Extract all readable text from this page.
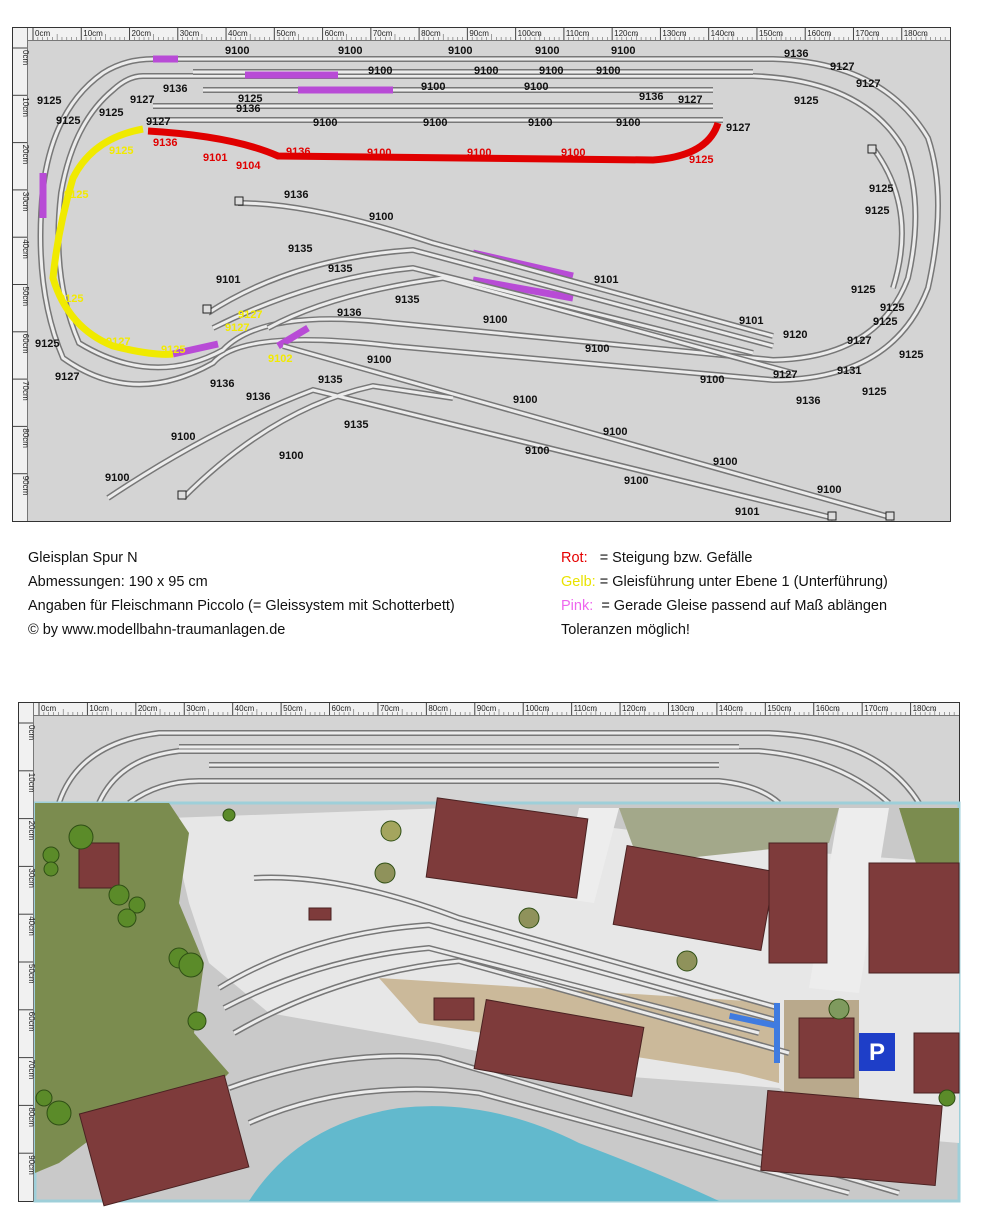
9125
9100	9100	9100	9100	9100	9136
9127
9100	9100	9100	9100
9127
9125
9136	9100	9100
9136
9125
9127
9136
9127
9125
9127	9100	9100	9100	9100	9127
9125
9125
9136
9101
9104
9136	9100	9100	9100
9125
9125	9136
9100
9125
9125
9135
9101
9135
9101
9125
9125	9135
9136
9100	9101
9120
9125
9127
9127
9125
9127
9125
9102	9100
9100
9127
9127
9125
9127
9136
9135	9100
9131
9125
9125
9136
9136	9100
9135
9100
9100
9100
9100
9100
9100
9100
9100
9101
0cm	10cm	20cm	30cm	40cm	50cm	60cm	70cm	80cm	90cm	100cm	110cm	120cm	130cm	140cm	150cm	160cm	170cm	180cm
0cm
10cm
20cm
30cm
40cm
50cm
60cm
70cm
80cm
90cm
Gleisplan Spur N
Abmessungen: 190 x 95 cm
Angaben für Fleischmann Piccolo (= Gleissystem mit Schotterbett)
© by www.modellbahn-traumanlagen.de
Rot: = Steigung bzw. Gefälle
Gelb: = Gleisführung unter Ebene 1 (Unterführung)
Pink: = Gerade Gleise passend auf Maß ablängen
Toleranzen möglich!
P
0cm	10cm	20cm	30cm	40cm	50cm	60cm	70cm	80cm	90cm	100cm	110cm	120cm	130cm	140cm	150cm	160cm	170cm	180cm
0cm
10cm
20cm
30cm
40cm
50cm
60cm
70cm
80cm
90cm
